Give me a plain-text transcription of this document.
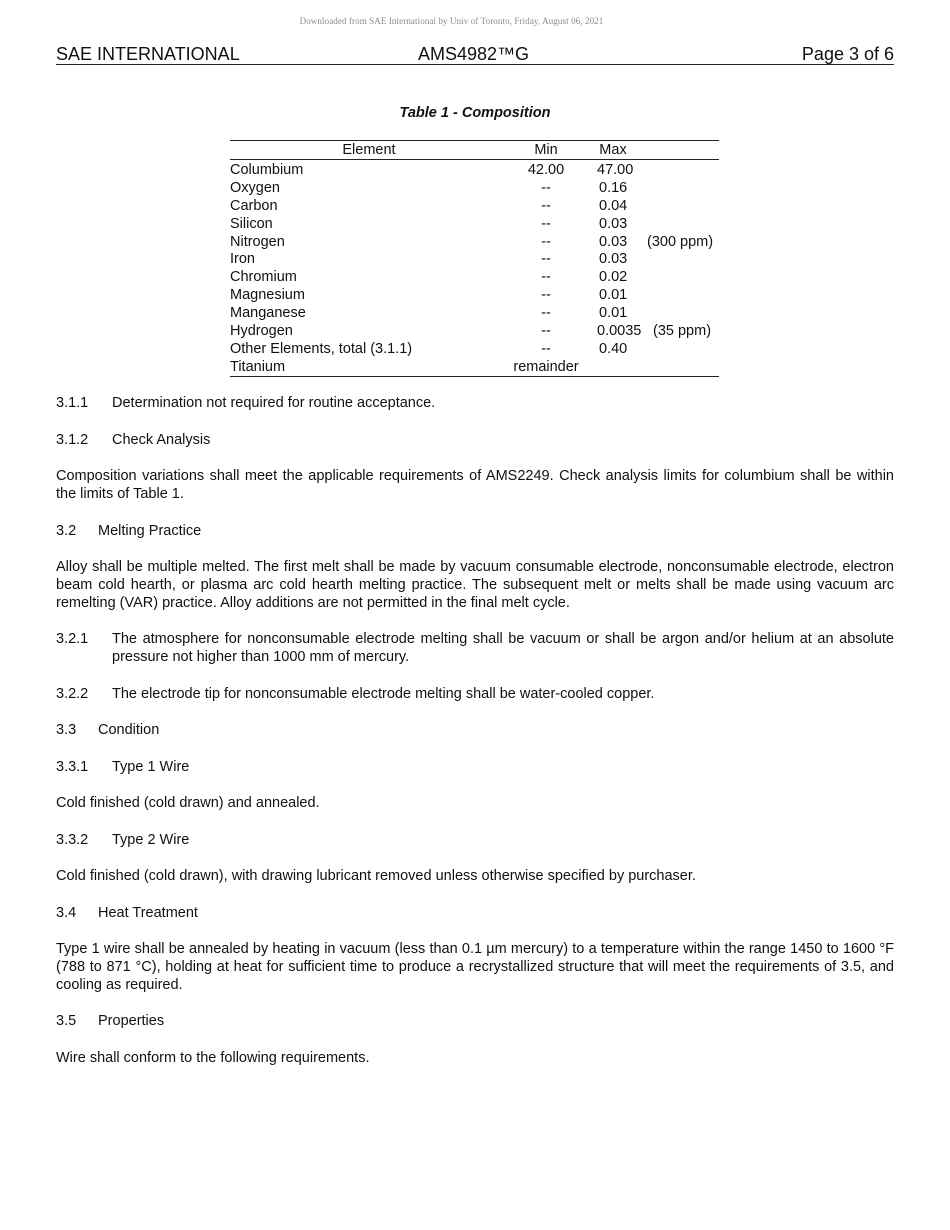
Downloaded from SAE International by Univ of Toronto, Friday, August 06, 2021
SAE INTERNATIONAL	AMS4982™G	Page 3 of 6
Table 1 - Composition
Element	Min	Max
Columbium	42.00	47.00
Oxygen	--	0.16
Carbon	--	0.04
Silicon	--	0.03
Nitrogen	--	0.03 (300 ppm)
Iron	--	0.03
Chromium	--	0.02
Magnesium	--	0.01
Manganese	--	0.01
Hydrogen	--	0.0035 (35 ppm)
Other Elements, total (3.1.1)	--	0.40
Titanium	remainder
3.1.1 Determination not required for routine acceptance.
3.1.2 Check Analysis
Composition variations shall meet the applicable requirements of AMS2249. Check analysis limits for columbium shall be within the limits of Table 1.
3.2 Melting Practice
Alloy shall be multiple melted. The first melt shall be made by vacuum consumable electrode, nonconsumable electrode, electron beam cold hearth, or plasma arc cold hearth melting practice. The subsequent melt or melts shall be made using vacuum arc remelting (VAR) practice. Alloy additions are not permitted in the final melt cycle.
3.2.1 The atmosphere for nonconsumable electrode melting shall be vacuum or shall be argon and/or helium at an absolute pressure not higher than 1000 mm of mercury.
3.2.2 The electrode tip for nonconsumable electrode melting shall be water-cooled copper.
3.3 Condition
3.3.1 Type 1 Wire
Cold finished (cold drawn) and annealed.
3.3.2 Type 2 Wire
Cold finished (cold drawn), with drawing lubricant removed unless otherwise specified by purchaser.
3.4 Heat Treatment
Type 1 wire shall be annealed by heating in vacuum (less than 0.1 µm mercury) to a temperature within the range 1450 to 1600 °F (788 to 871 °C), holding at heat for sufficient time to produce a recrystallized structure that will meet the requirements of 3.5, and cooling as required.
3.5 Properties
Wire shall conform to the following requirements.
